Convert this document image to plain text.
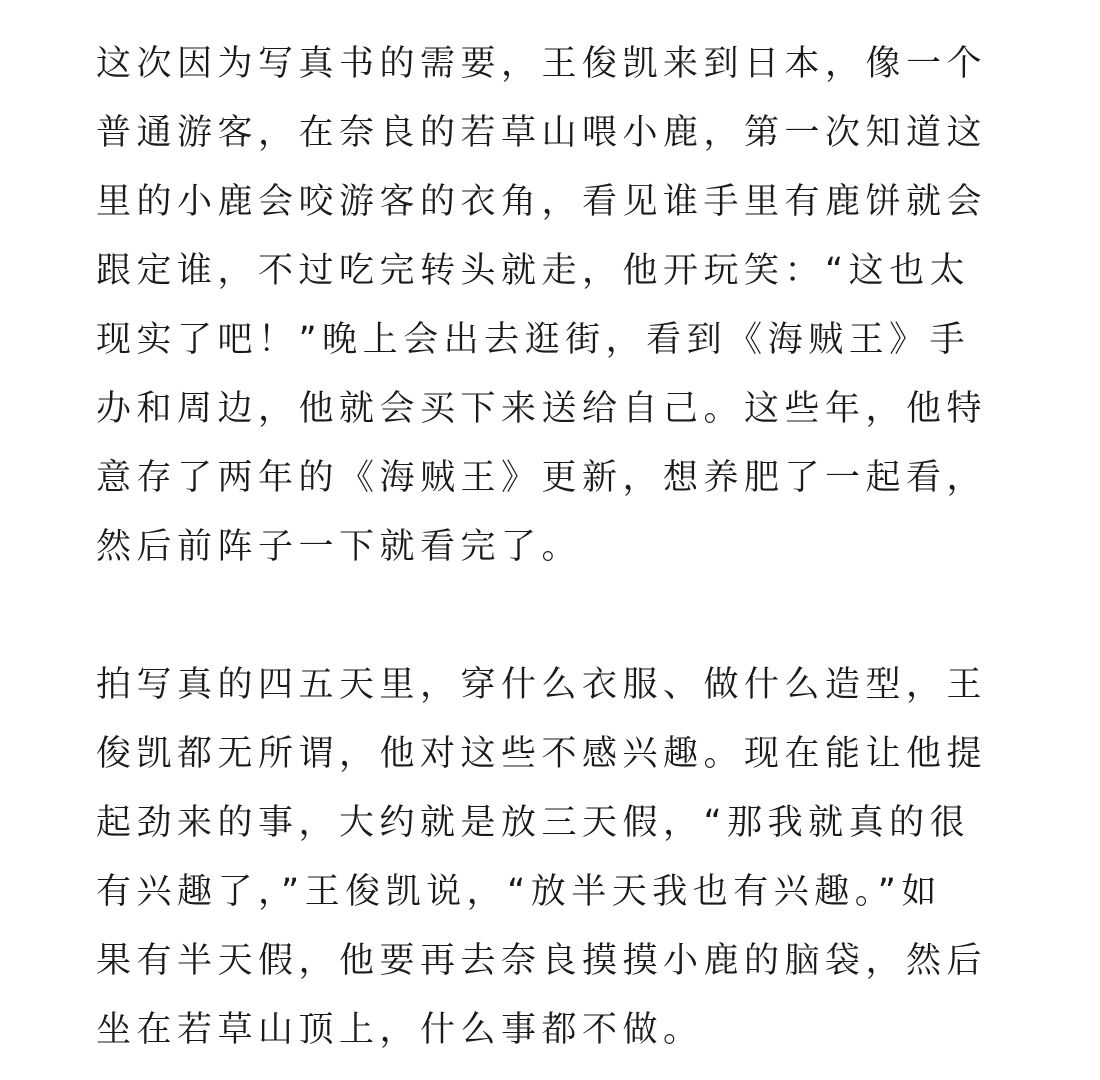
这次因为写真书的需要，王俊凯来到日本，像一个
普通游客，在奈良的若草山喂小鹿，第一次知道这
里的小鹿会咬游客的衣角，看见谁手里有鹿饼就会
跟定谁，不过吃完转头就走，他开玩笑：“这也太
现实了吧！”晚上会出去逛街，看到《海贼王》手
办和周边，他就会买下来送给自己。这些年，他特
意存了两年的《海贼王》更新，想养肥了一起看，
然后前阵子一下就看完了。
拍写真的四五天里，穿什么衣服、做什么造型，王
俊凯都无所谓，他对这些不感兴趣。现在能让他提
起劲来的事，大约就是放三天假，“那我就真的很
有兴趣了，”王俊凯说，“放半天我也有兴趣。”如
果有半天假，他要再去奈良摸摸小鹿的脑袋，然后
坐在若草山顶上，什么事都不做。
